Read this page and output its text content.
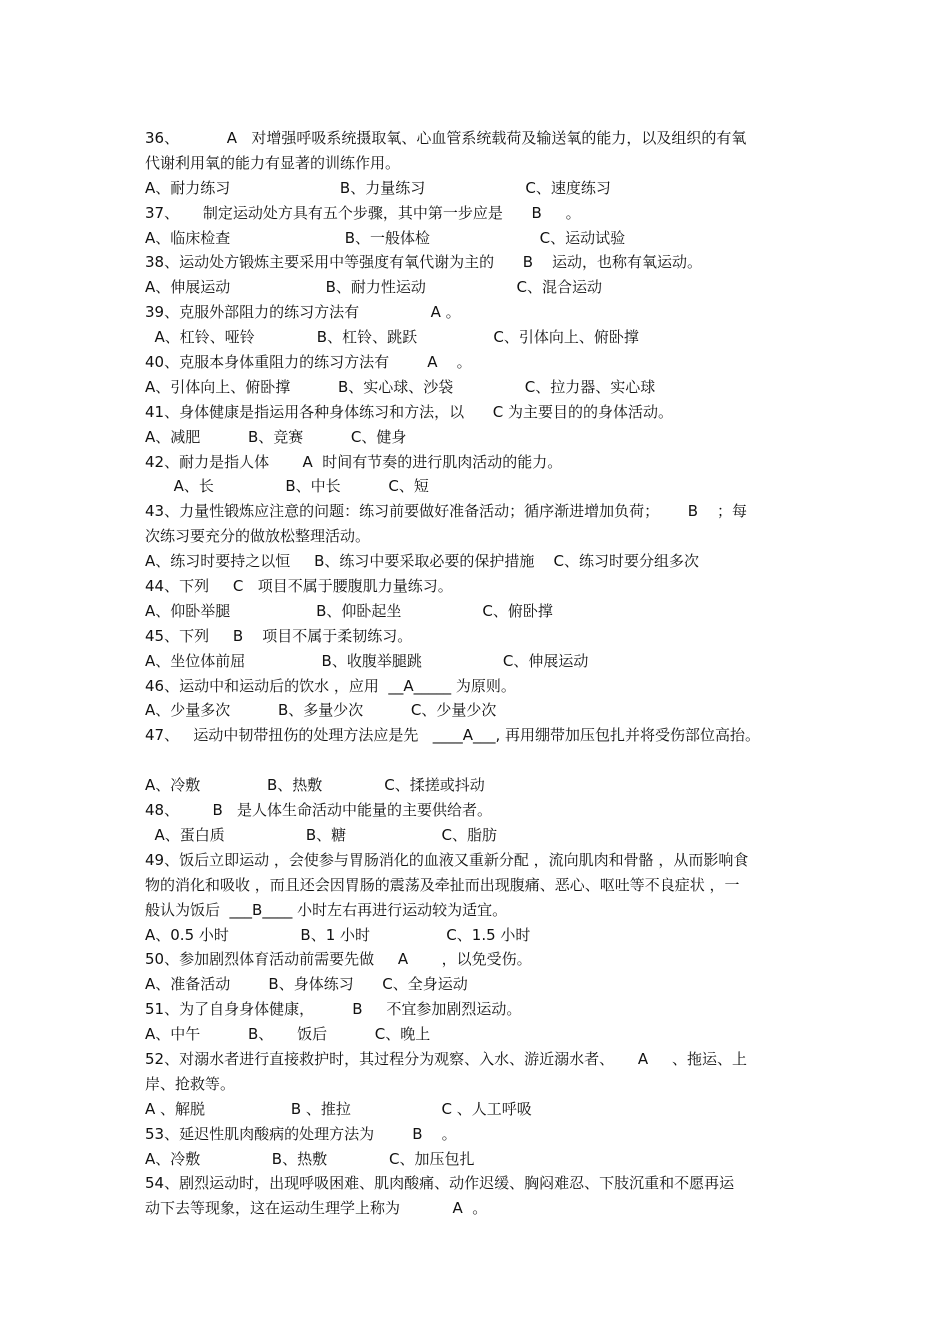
36、          A   对增强呼吸系统摄取氧、心血管系统载荷及输送氧的能力，以及组织的有氧
代谢利用氧的能力有显著的训练作用。
A、耐力练习                       B、力量练习                     C、速度练习
37、     制定运动处方具有五个步骤，其中第一步应是      B     。
A、临床检查                        B、一般体检                       C、运动试验
38、运动处方锻炼主要采用中等强度有氧代谢为主的      B    运动，也称有氧运动。
A、伸展运动                    B、耐力性运动                   C、混合运动
39、克服外部阻力的练习方法有               A 。
A、杠铃、哑铃             B、杠铃、跳跃                C、引体向上、俯卧撑
40、克服本身体重阻力的练习方法有        A    。
A、引体向上、俯卧撑          B、实心球、沙袋               C、拉力器、实心球
41、身体健康是指运用各种身体练习和方法，以      C 为主要目的的身体活动。
A、减肥          B、竞赛          C、健身
42、耐力是指人体       A  时间有节奏的进行肌肉活动的能力。
A、长               B、中长          C、短
43、力量性锻炼应注意的问题：练习前要做好准备活动；循序渐进增加负荷；      B    ；每
次练习要充分的做放松整理活动。
A、练习时要持之以恒     B、练习中要采取必要的保护措施    C、练习时要分组多次
44、下列     C   项目不属于腰腹肌力量练习。
A、仰卧举腿                  B、仰卧起坐                 C、俯卧撑
45、下列     B    项目不属于柔韧练习。
A、坐位体前屈                B、收腹举腿跳                 C、伸展运动
46、运动中和运动后的饮水 ，应用  __A_____ 为原则。
A、少量多次          B、多量少次          C、少量少次
47、   运动中韧带扭伤的处理方法应是先   ____A___, 再用绷带加压包扎并将受伤部位高抬。
A、冷敷              B、热敷             C、揉搓或抖动
48、       B   是人体生命活动中能量的主要供给者。
A、蛋白质                 B、糖                    C、脂肪
49、饭后立即运动 ，会使参与胃肠消化的血液又重新分配 ，流向肌肉和骨骼 ，从而影响食
物的消化和吸收 ，而且还会因胃肠的震荡及牵扯而出现腹痛、恶心、呕吐等不良症状 ，一
般认为饭后  ___B____ 小时左右再进行运动较为适宜。
A、0.5 小时               B、1 小时                C、1.5 小时
50、参加剧烈体育活动前需要先做     A       ，以免受伤。
A、准备活动        B、身体练习      C、全身运动
51、为了自身身体健康，        B     不宜参加剧烈运动。
A、中午          B、     饭后          C、晚上
52、对溺水者进行直接救护时，其过程分为观察、入水、游近溺水者、     A     、拖运、上
岸、抢救等。
A 、解脱                  B 、推拉                   C 、人工呼吸
53、延迟性肌肉酸病的处理方法为        B    。
A、冷敷               B、热敷             C、加压包扎
54、剧烈运动时，出现呼吸困难、肌肉酸痛、动作迟缓、胸闷难忍、下肢沉重和不愿再运
动下去等现象，这在运动生理学上称为           A  。
